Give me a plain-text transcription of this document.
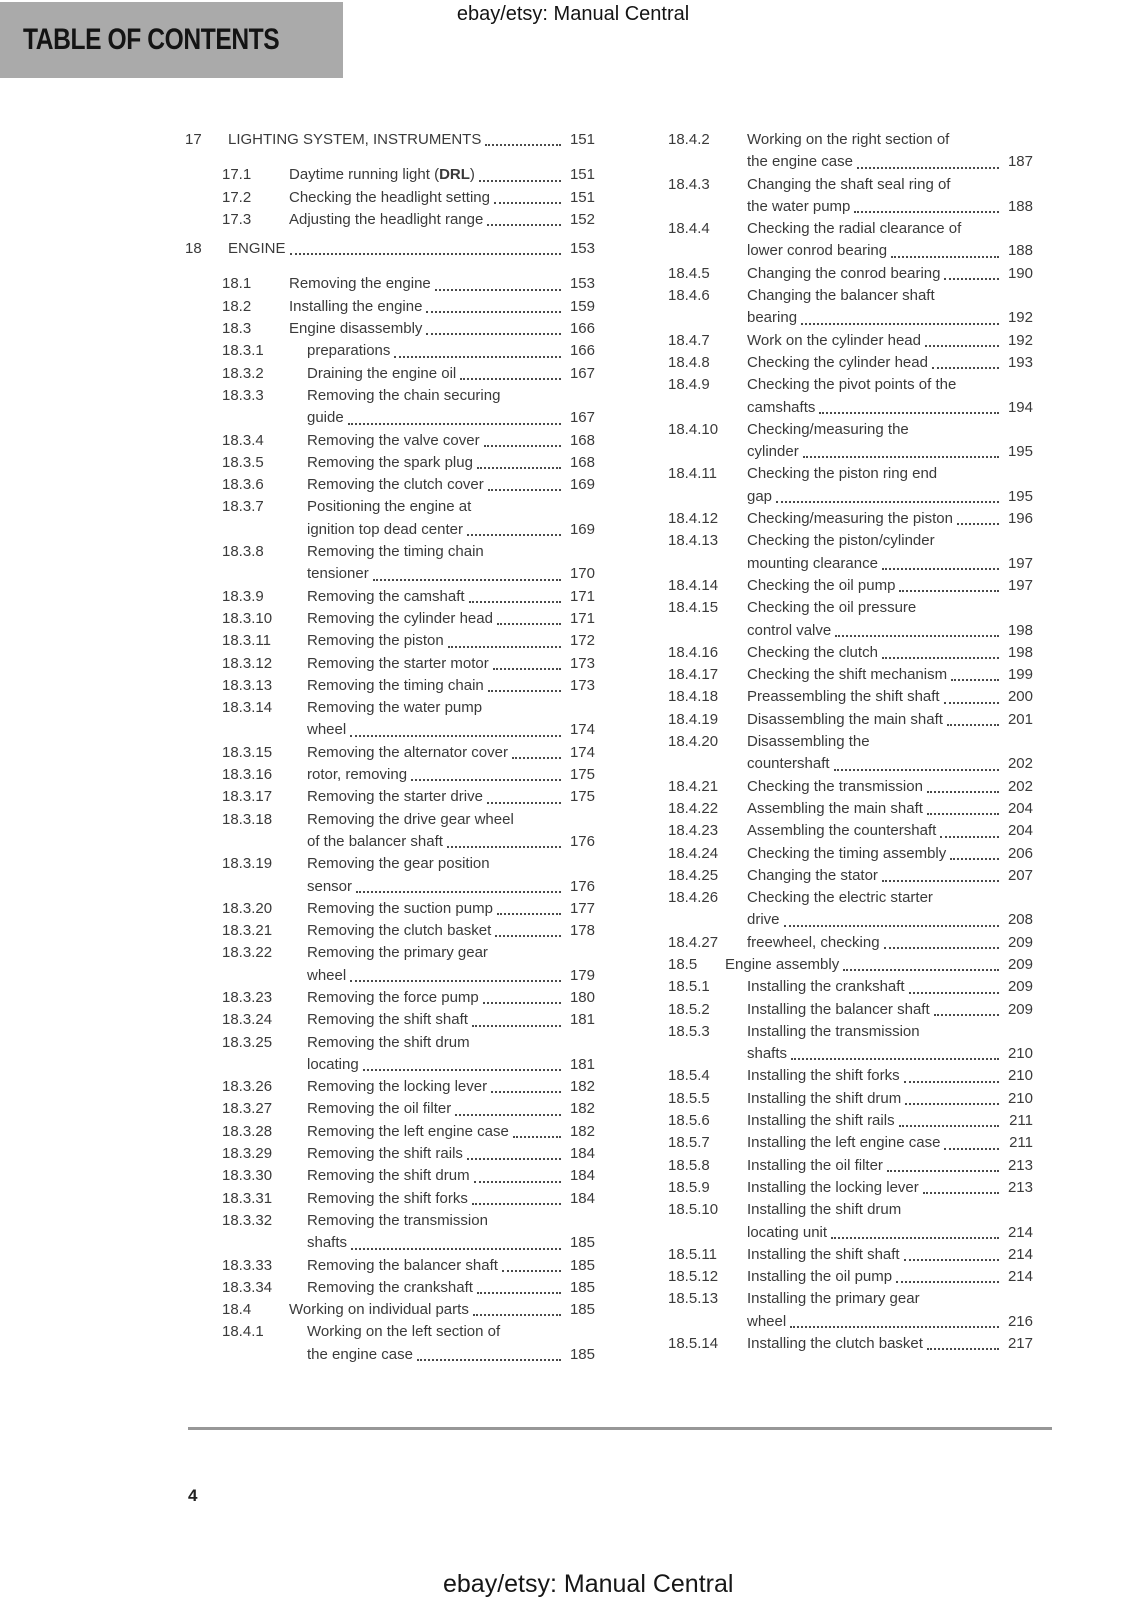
TABLE OF CONTENTS
ebay/etsy: Manual Central
17	LIGHTING SYSTEM, INSTRUMENTS	151
17.1	Daytime running light (DRL)	151
17.2	Checking the headlight setting	151
17.3	Adjusting the headlight range	152
18	ENGINE	153
18.1	Removing the engine	153
18.2	Installing the engine	159
18.3	Engine disassembly	166
18.3.1	preparations	166
18.3.2	Draining the engine oil	167
18.3.3	Removing the chain securing
guide	167
18.3.4	Removing the valve cover	168
18.3.5	Removing the spark plug	168
18.3.6	Removing the clutch cover	169
18.3.7	Positioning the engine at
ignition top dead center	169
18.3.8	Removing the timing chain
tensioner	170
18.3.9	Removing the camshaft	171
18.3.10	Removing the cylinder head	171
18.3.11	Removing the piston	172
18.3.12	Removing the starter motor	173
18.3.13	Removing the timing chain	173
18.3.14	Removing the water pump
wheel	174
18.3.15	Removing the alternator cover	174
18.3.16	rotor, removing	175
18.3.17	Removing the starter drive	175
18.3.18	Removing the drive gear wheel
of the balancer shaft	176
18.3.19	Removing the gear position
sensor	176
18.3.20	Removing the suction pump	177
18.3.21	Removing the clutch basket	178
18.3.22	Removing the primary gear
wheel	179
18.3.23	Removing the force pump	180
18.3.24	Removing the shift shaft	181
18.3.25	Removing the shift drum
locating	181
18.3.26	Removing the locking lever	182
18.3.27	Removing the oil filter	182
18.3.28	Removing the left engine case	182
18.3.29	Removing the shift rails	184
18.3.30	Removing the shift drum	184
18.3.31	Removing the shift forks	184
18.3.32	Removing the transmission
shafts	185
18.3.33	Removing the balancer shaft	185
18.3.34	Removing the crankshaft	185
18.4	Working on individual parts	185
18.4.1	Working on the left section of
the engine case	185
18.4.2	Working on the right section of
the engine case	187
18.4.3	Changing the shaft seal ring of
the water pump	188
18.4.4	Checking the radial clearance of
lower conrod bearing	188
18.4.5	Changing the conrod bearing	190
18.4.6	Changing the balancer shaft
bearing	192
18.4.7	Work on the cylinder head	192
18.4.8	Checking the cylinder head	193
18.4.9	Checking the pivot points of the
camshafts	194
18.4.10	Checking/measuring the
cylinder	195
18.4.11	Checking the piston ring end
gap	195
18.4.12	Checking/measuring the piston	196
18.4.13	Checking the piston/cylinder
mounting clearance	197
18.4.14	Checking the oil pump	197
18.4.15	Checking the oil pressure
control valve	198
18.4.16	Checking the clutch	198
18.4.17	Checking the shift mechanism	199
18.4.18	Preassembling the shift shaft	200
18.4.19	Disassembling the main shaft	201
18.4.20	Disassembling the
countershaft	202
18.4.21	Checking the transmission	202
18.4.22	Assembling the main shaft	204
18.4.23	Assembling the countershaft	204
18.4.24	Checking the timing assembly	206
18.4.25	Changing the stator	207
18.4.26	Checking the electric starter
drive	208
18.4.27	freewheel, checking	209
18.5	Engine assembly	209
18.5.1	Installing the crankshaft	209
18.5.2	Installing the balancer shaft	209
18.5.3	Installing the transmission
shafts	210
18.5.4	Installing the shift forks	210
18.5.5	Installing the shift drum	210
18.5.6	Installing the shift rails	211
18.5.7	Installing the left engine case	211
18.5.8	Installing the oil filter	213
18.5.9	Installing the locking lever	213
18.5.10	Installing the shift drum
locating unit	214
18.5.11	Installing the shift shaft	214
18.5.12	Installing the oil pump	214
18.5.13	Installing the primary gear
wheel	216
18.5.14	Installing the clutch basket	217
4
ebay/etsy: Manual Central
